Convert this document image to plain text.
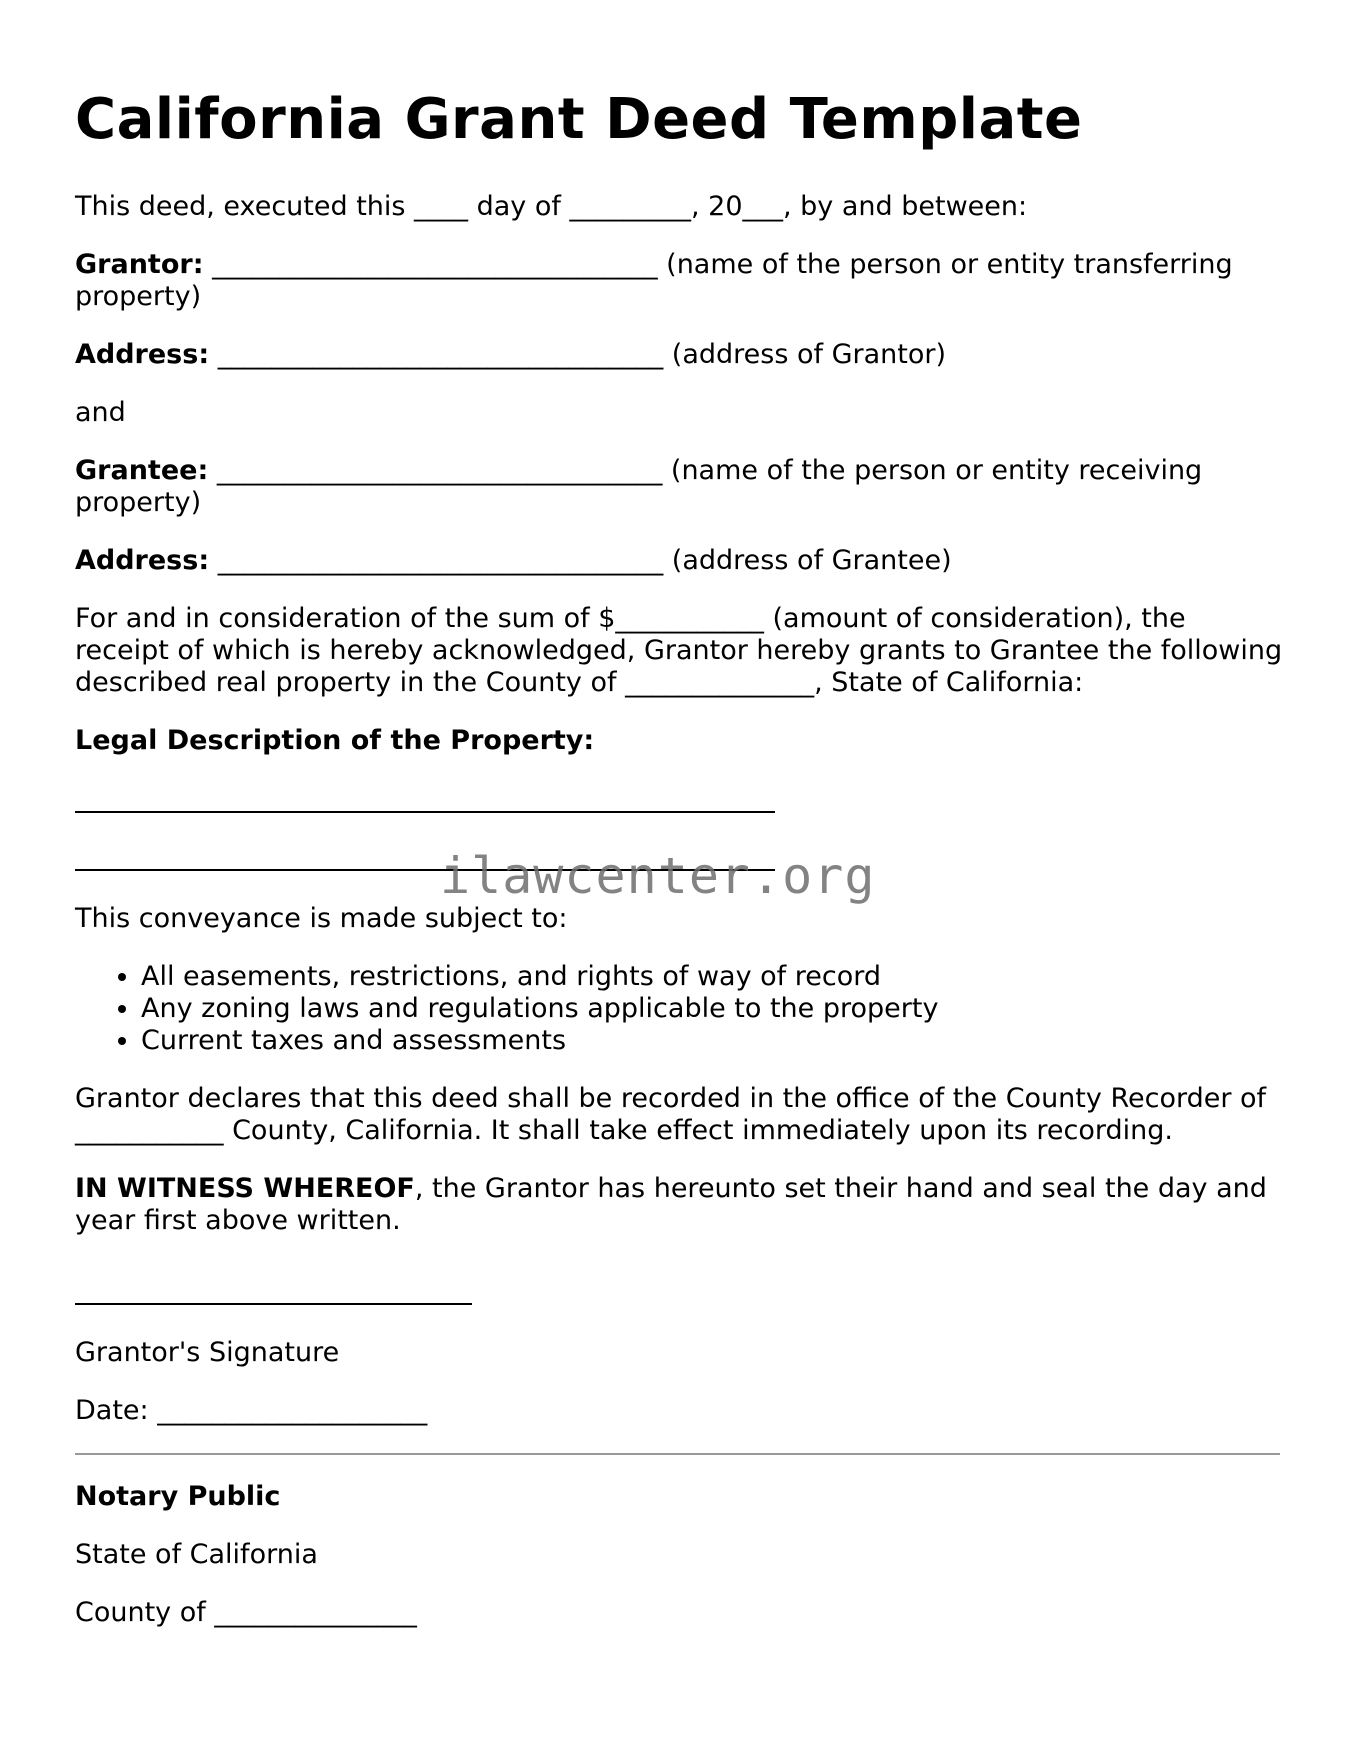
California Grant Deed Template

This deed, executed this ____ day of _________, 20___, by and between:

Grantor: _________________________________ (name of the person or entity transferring property)

Address: _________________________________ (address of Grantor)

and

Grantee: _________________________________ (name of the person or entity receiving property)

Address: _________________________________ (address of Grantee)

For and in consideration of the sum of $___________ (amount of consideration), the receipt of which is hereby acknowledged, Grantor hereby grants to Grantee the following described real property in the County of ______________, State of California:

Legal Description of the Property:

This conveyance is made subject to:

• All easements, restrictions, and rights of way of record
• Any zoning laws and regulations applicable to the property
• Current taxes and assessments

Grantor declares that this deed shall be recorded in the office of the County Recorder of ___________ County, California. It shall take effect immediately upon its recording.

IN WITNESS WHEREOF, the Grantor has hereunto set their hand and seal the day and year first above written.

Grantor's Signature

Date: ____________________

Notary Public

State of California

County of _______________

ilawcenter.org
